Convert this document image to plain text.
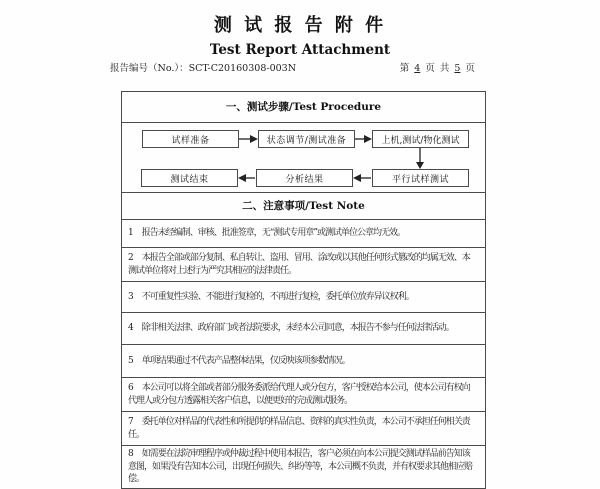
测 试 报 告 附 件
Test Report Attachment
报告编号（No.）：SCT-C20160308-003N	第 4 页 共 5 页
一、测试步骤/Test Procedure
试样准备	状态调节/测试准备	上机,测试/物化测试
测试结束	分析结果	平行试样测试
二、注意事项/Test Note
1 报告未经编制、审核、批准签章，无“测试专用章”或测试单位公章均无效。
2 本报告全部或部分复制、私自转让、盗用、冒用、涂改或以其他任何形式篡改的均属无效、本测试单位将对上述行为严究其相应的法律责任。
3 不可重复性实验、不能进行复检的，不再进行复检，委托单位放弃异议权利。
4 除非相关法律、政府部门或者法院要求，未经本公司同意，本报告不参与任何法律活动。
5 单项结果通过不代表产品整体结果，仅反映该项参数情况。
6 本公司可以将全部或者部分服务委派给代理人或分包方，客户授权给本公司，使本公司有权向代理人或分包方透露相关客户信息，以便更好的完成测试服务。
7 委托单位对样品的代表性和所提供的样品信息、资料的真实性负责，本公司不承担任何相关责任。
8 如需要在法院审理程序或仲裁过程中使用本报告，客户必须在向本公司提交测试样品前告知该意图，如果没有告知本公司，出现任何损失、纠纷等等，本公司概不负责，并有权要求其他相应赔偿。
